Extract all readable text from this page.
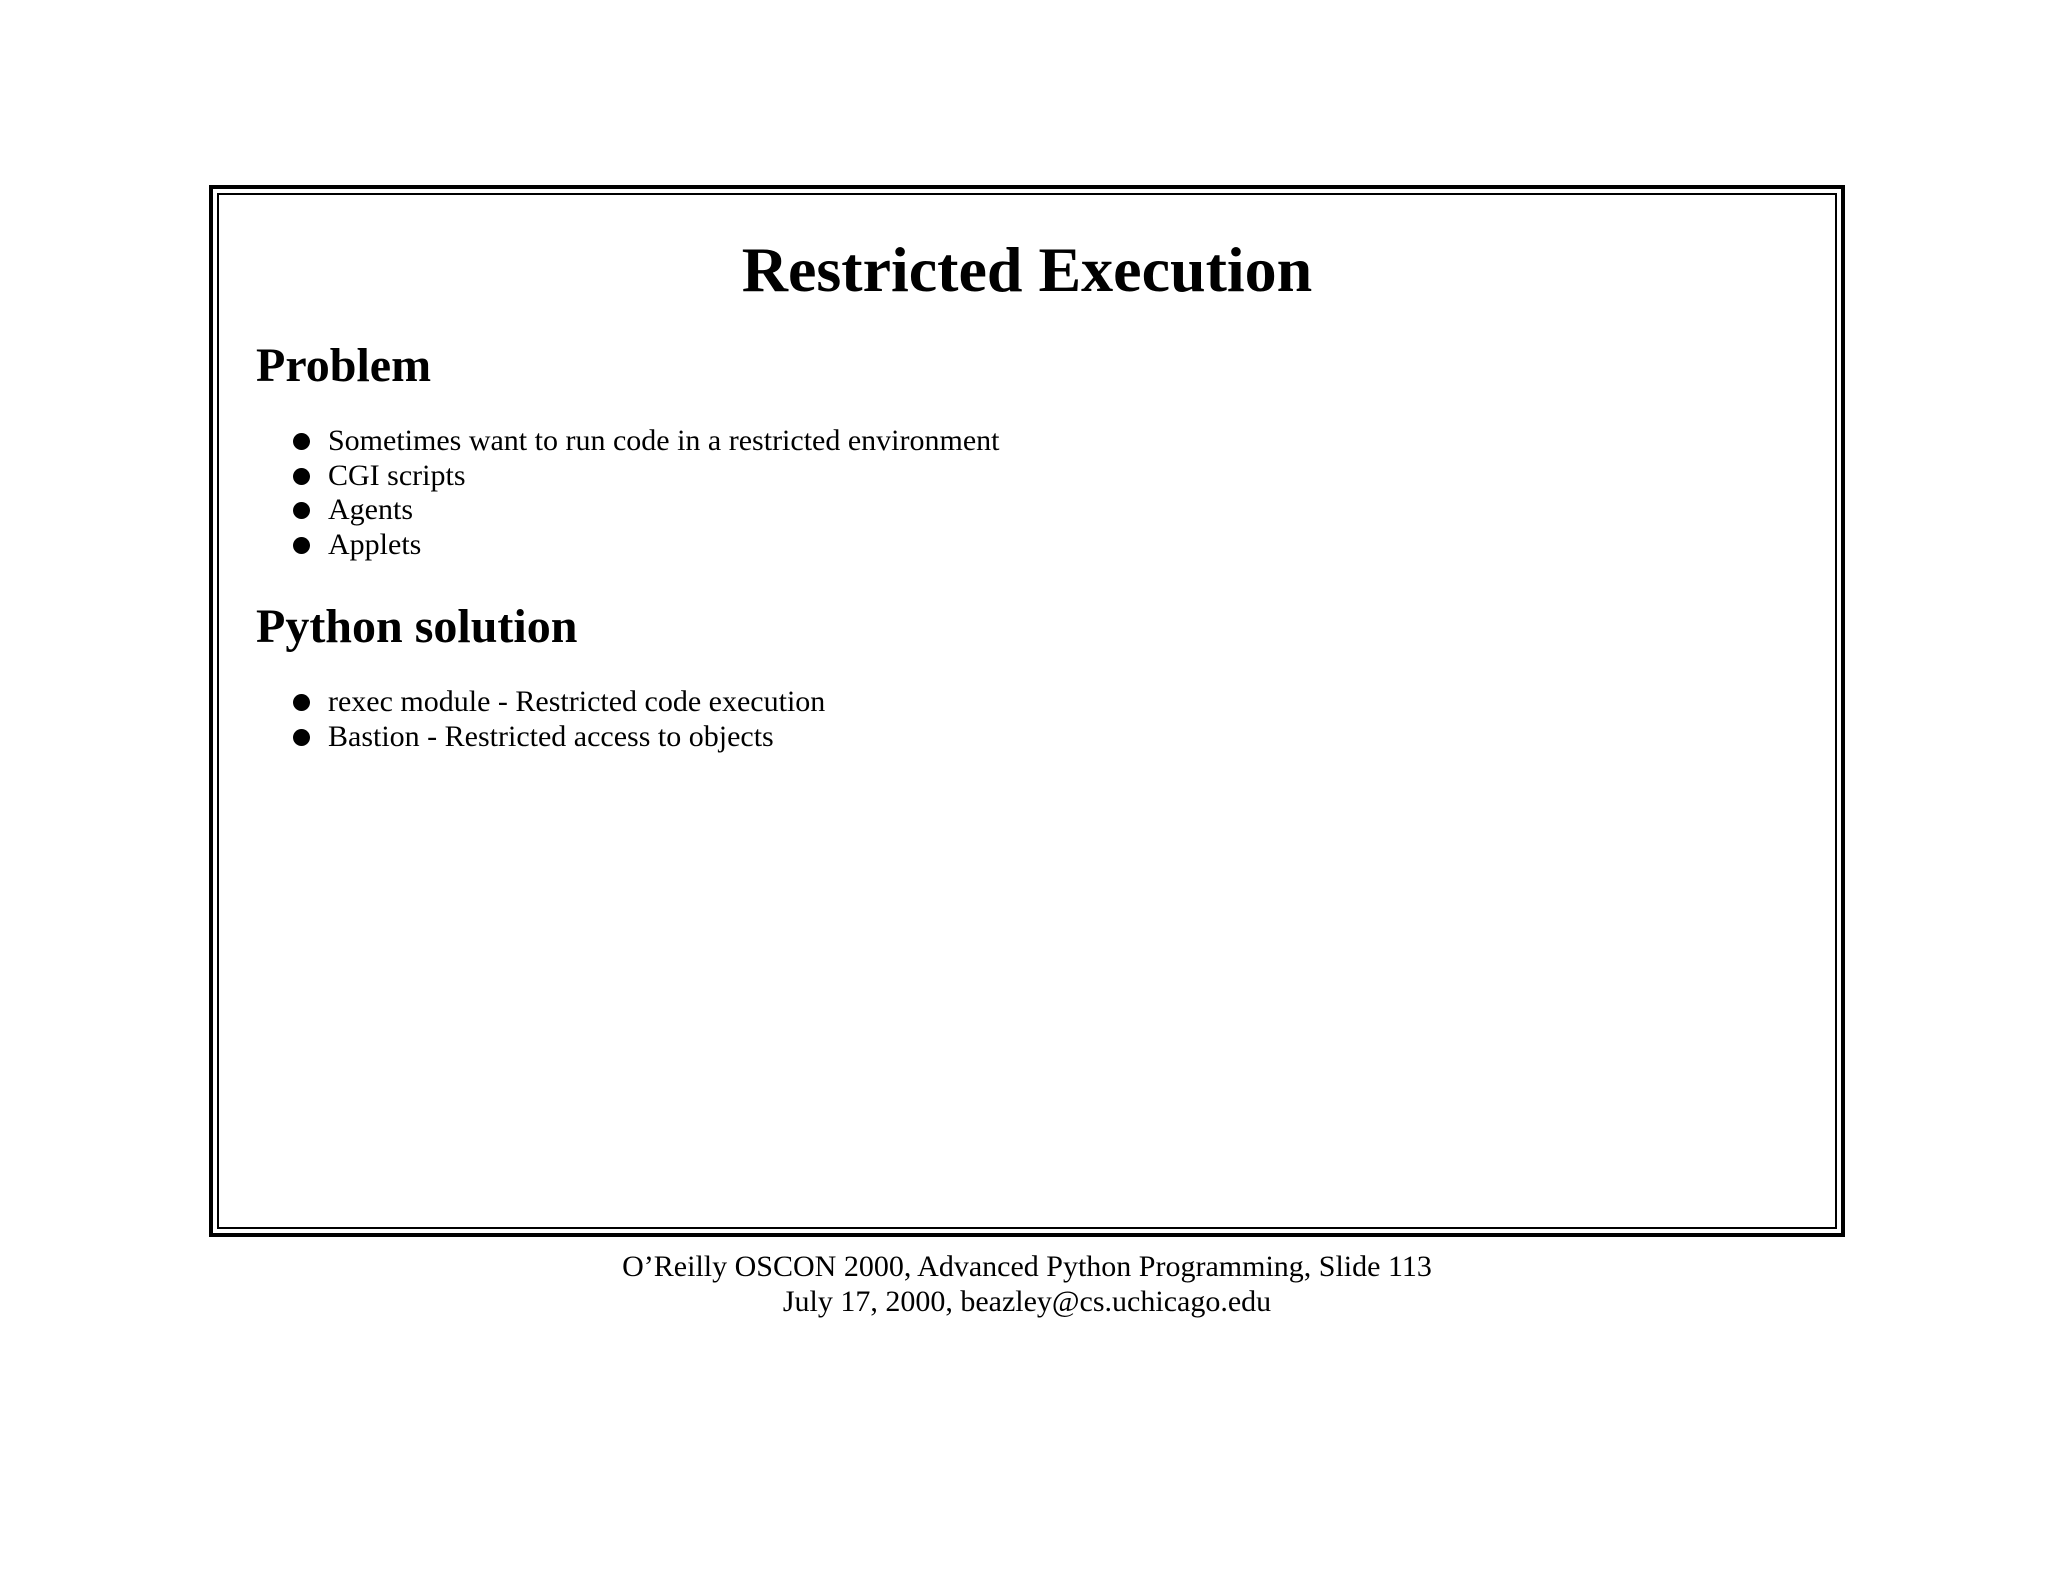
Restricted Execution
Problem
Sometimes want to run code in a restricted environment
CGI scripts
Agents
Applets
Python solution
rexec module - Restricted code execution
Bastion - Restricted access to objects
O’Reilly OSCON 2000, Advanced Python Programming, Slide 113
July 17, 2000, beazley@cs.uchicago.edu
